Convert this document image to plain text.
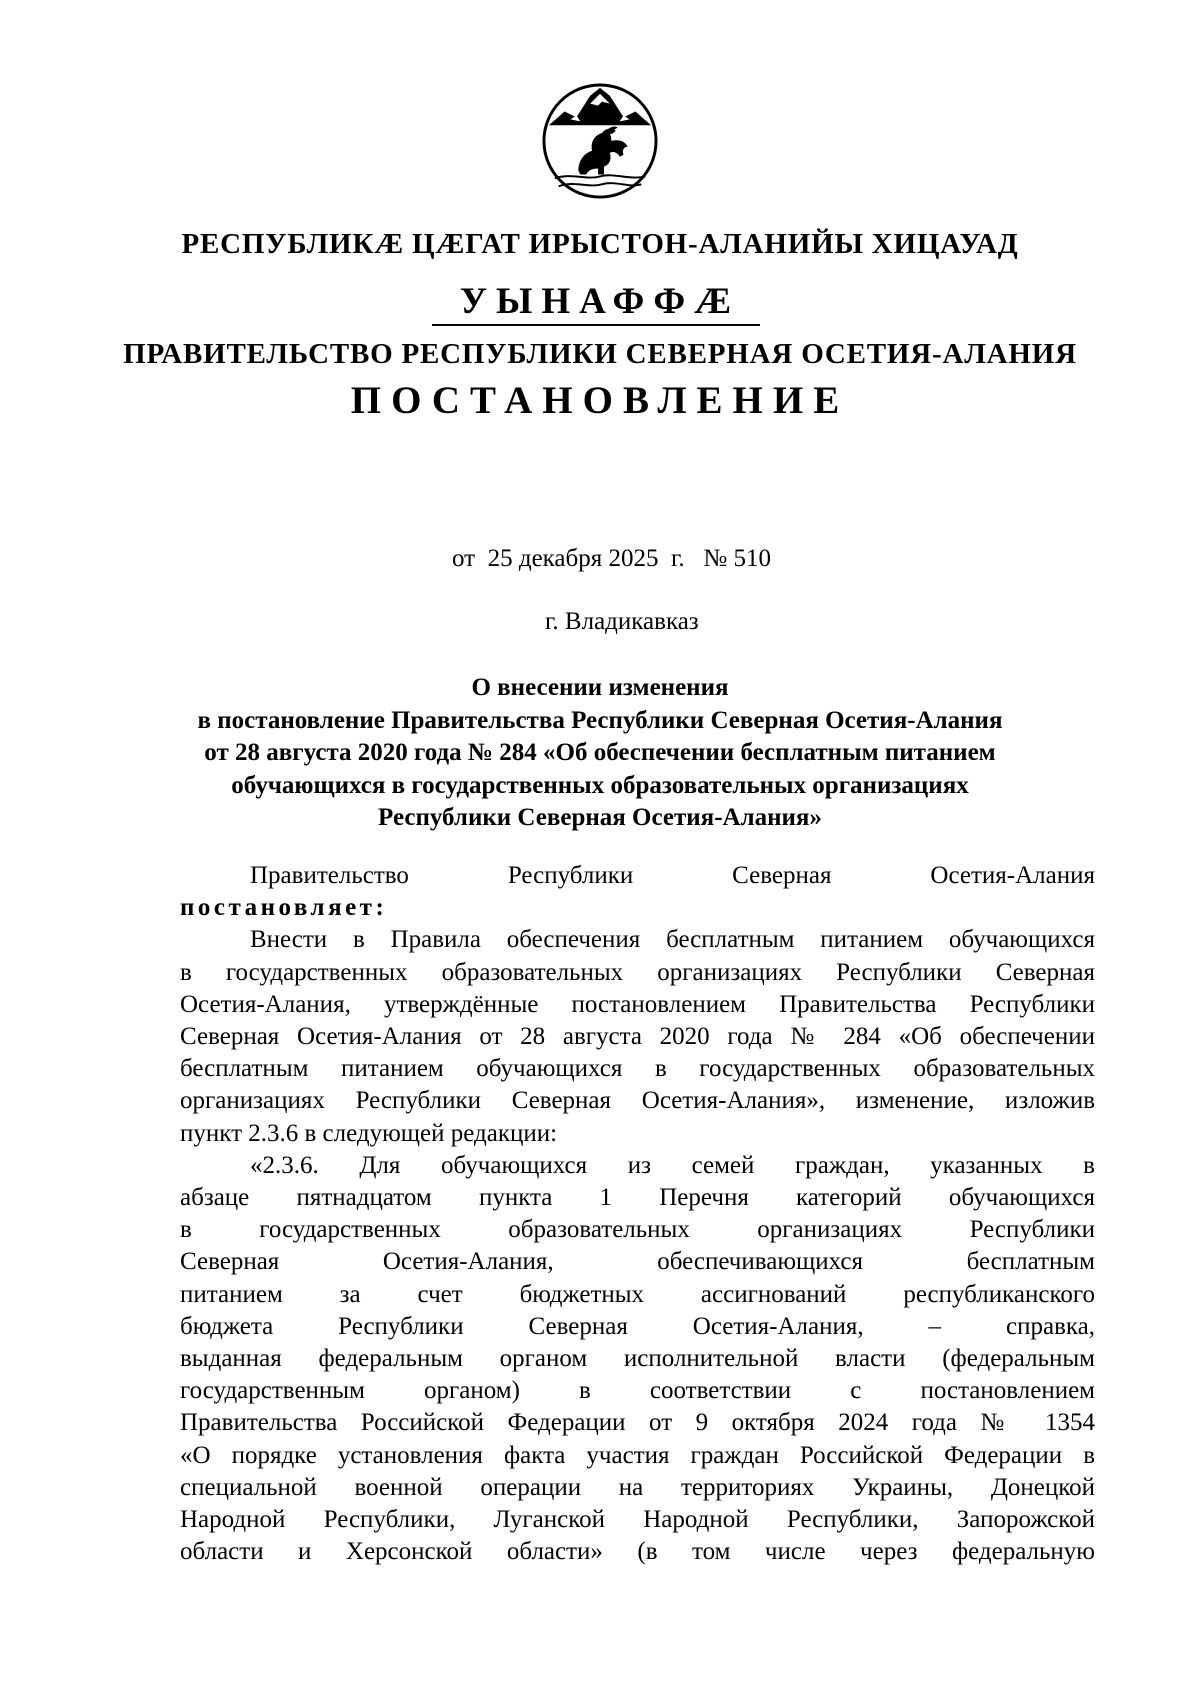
РЕСПУБЛИКӔ ЦӔГАТ ИРЫСТОН-АЛАНИЙЫ ХИЦАУАД
УЫНАФФӔ
ПРАВИТЕЛЬСТВО РЕСПУБЛИКИ СЕВЕРНАЯ ОСЕТИЯ-АЛАНИЯ
ПОСТАНОВЛЕНИЕ
от  25 декабря 2025  г.   № 510
г. Владикавказ
О внесении изменения
в постановление Правительства Республики Северная Осетия-Алания
от 28 августа 2020 года № 284 «Об обеспечении бесплатным питанием
обучающихся в государственных образовательных организациях
Республики Северная Осетия-Алания»
Правительство Республики Северная Осетия-Алания
постановляет:
Внести в Правила обеспечения бесплатным питанием обучающихся
в государственных образовательных организациях Республики Северная
Осетия-Алания, утверждённые постановлением Правительства Республики
Северная Осетия-Алания от 28 августа 2020 года № 284 «Об обеспечении
бесплатным питанием обучающихся в государственных образовательных
организациях Республики Северная Осетия-Алания», изменение, изложив
пункт 2.3.6 в следующей редакции:
«2.3.6. Для обучающихся из семей граждан, указанных в
абзаце пятнадцатом пункта 1 Перечня категорий обучающихся
в государственных образовательных организациях Республики
Северная Осетия-Алания, обеспечивающихся бесплатным
питанием за счет бюджетных ассигнований республиканского
бюджета Республики Северная Осетия-Алания, – справка,
выданная федеральным органом исполнительной власти (федеральным
государственным органом) в соответствии с постановлением
Правительства Российской Федерации от 9 октября 2024 года № 1354
«О порядке установления факта участия граждан Российской Федерации в
специальной военной операции на территориях Украины, Донецкой
Народной Республики, Луганской Народной Республики, Запорожской
области и Херсонской области» (в том числе через федеральную
